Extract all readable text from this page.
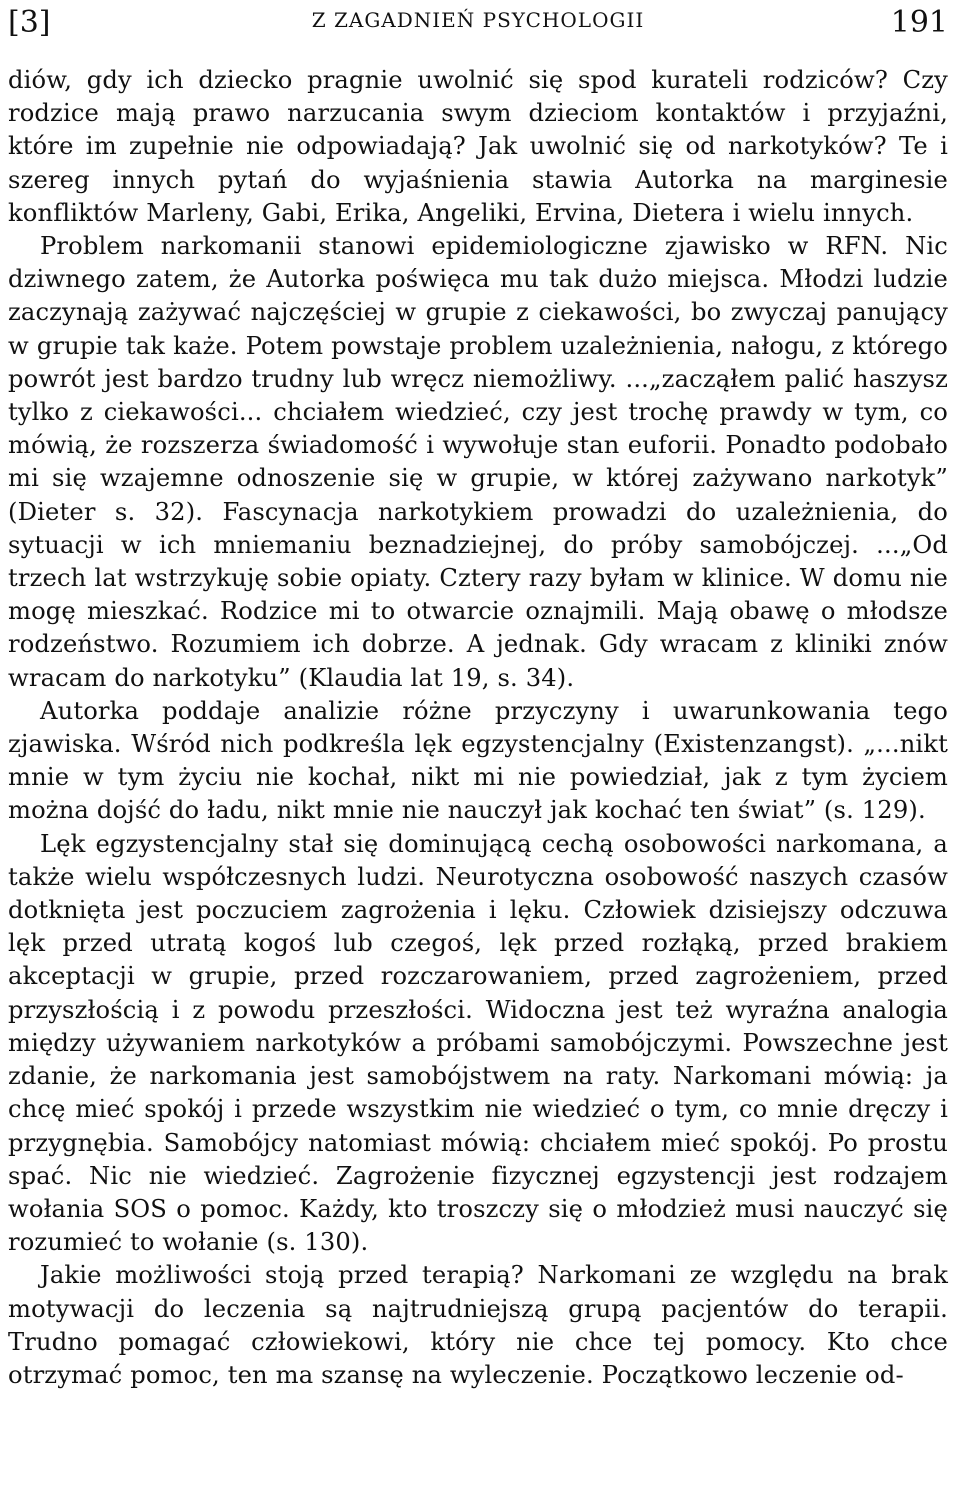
[3]	Z ZAGADNIEŃ PSYCHOLOGII	191

diów, gdy ich dziecko pragnie uwolnić się spod kurateli rodziców? Czy rodzice mają prawo narzucania swym dzieciom kontaktów i przyjaźni, które im zupełnie nie odpowiadają? Jak uwolnić się od narkotyków? Te i szereg innych pytań do wyjaśnienia stawia Autorka na marginesie konfliktów Marleny, Gabi, Erika, Angeliki, Ervina, Dietera i wielu innych.

Problem narkomanii stanowi epidemiologiczne zjawisko w RFN. Nic dziwnego zatem, że Autorka poświęca mu tak dużo miejsca. Młodzi ludzie zaczynają zażywać najczęściej w grupie z ciekawości, bo zwyczaj panujący w grupie tak każe. Potem powstaje problem uzależnienia, nałogu, z którego powrót jest bardzo trudny lub wręcz niemożliwy. ...„zacząłem palić haszysz tylko z ciekawości... chciałem wiedzieć, czy jest trochę prawdy w tym, co mówią, że rozszerza świadomość i wywołuje stan euforii. Ponadto podobało mi się wzajemne odnoszenie się w grupie, w której zażywano narkotyk” (Dieter s. 32). Fascynacja narkotykiem prowadzi do uzależnienia, do sytuacji w ich mniemaniu beznadziejnej, do próby samobójczej. ...„Od trzech lat wstrzykuję sobie opiaty. Cztery razy byłam w klinice. W domu nie mogę mieszkać. Rodzice mi to otwarcie oznajmili. Mają obawę o młodsze rodzeństwo. Rozumiem ich dobrze. A jednak. Gdy wracam z kliniki znów wracam do narkotyku” (Klaudia lat 19, s. 34).

Autorka poddaje analizie różne przyczyny i uwarunkowania tego zjawiska. Wśród nich podkreśla lęk egzystencjalny (Existenzangst). „...nikt mnie w tym życiu nie kochał, nikt mi nie powiedział, jak z tym życiem można dojść do ładu, nikt mnie nie nauczył jak kochać ten świat” (s. 129).

Lęk egzystencjalny stał się dominującą cechą osobowości narkomana, a także wielu współczesnych ludzi. Neurotyczna osobowość naszych czasów dotknięta jest poczuciem zagrożenia i lęku. Człowiek dzisiejszy odczuwa lęk przed utratą kogoś lub czegoś, lęk przed rozłąką, przed brakiem akceptacji w grupie, przed rozczarowaniem, przed zagrożeniem, przed przyszłością i z powodu przeszłości. Widoczna jest też wyraźna analogia między używaniem narkotyków a próbami samobójczymi. Powszechne jest zdanie, że narkomania jest samobójstwem na raty. Narkomani mówią: ja chcę mieć spokój i przede wszystkim nie wiedzieć o tym, co mnie dręczy i przygnębia. Samobójcy natomiast mówią: chciałem mieć spokój. Po prostu spać. Nic nie wiedzieć. Zagrożenie fizycznej egzystencji jest rodzajem wołania SOS o pomoc. Każdy, kto troszczy się o młodzież musi nauczyć się rozumieć to wołanie (s. 130).

Jakie możliwości stoją przed terapią? Narkomani ze względu na brak motywacji do leczenia są najtrudniejszą grupą pacjentów do terapii. Trudno pomagać człowiekowi, który nie chce tej pomocy. Kto chce otrzymać pomoc, ten ma szansę na wyleczenie. Początkowo leczenie od-
